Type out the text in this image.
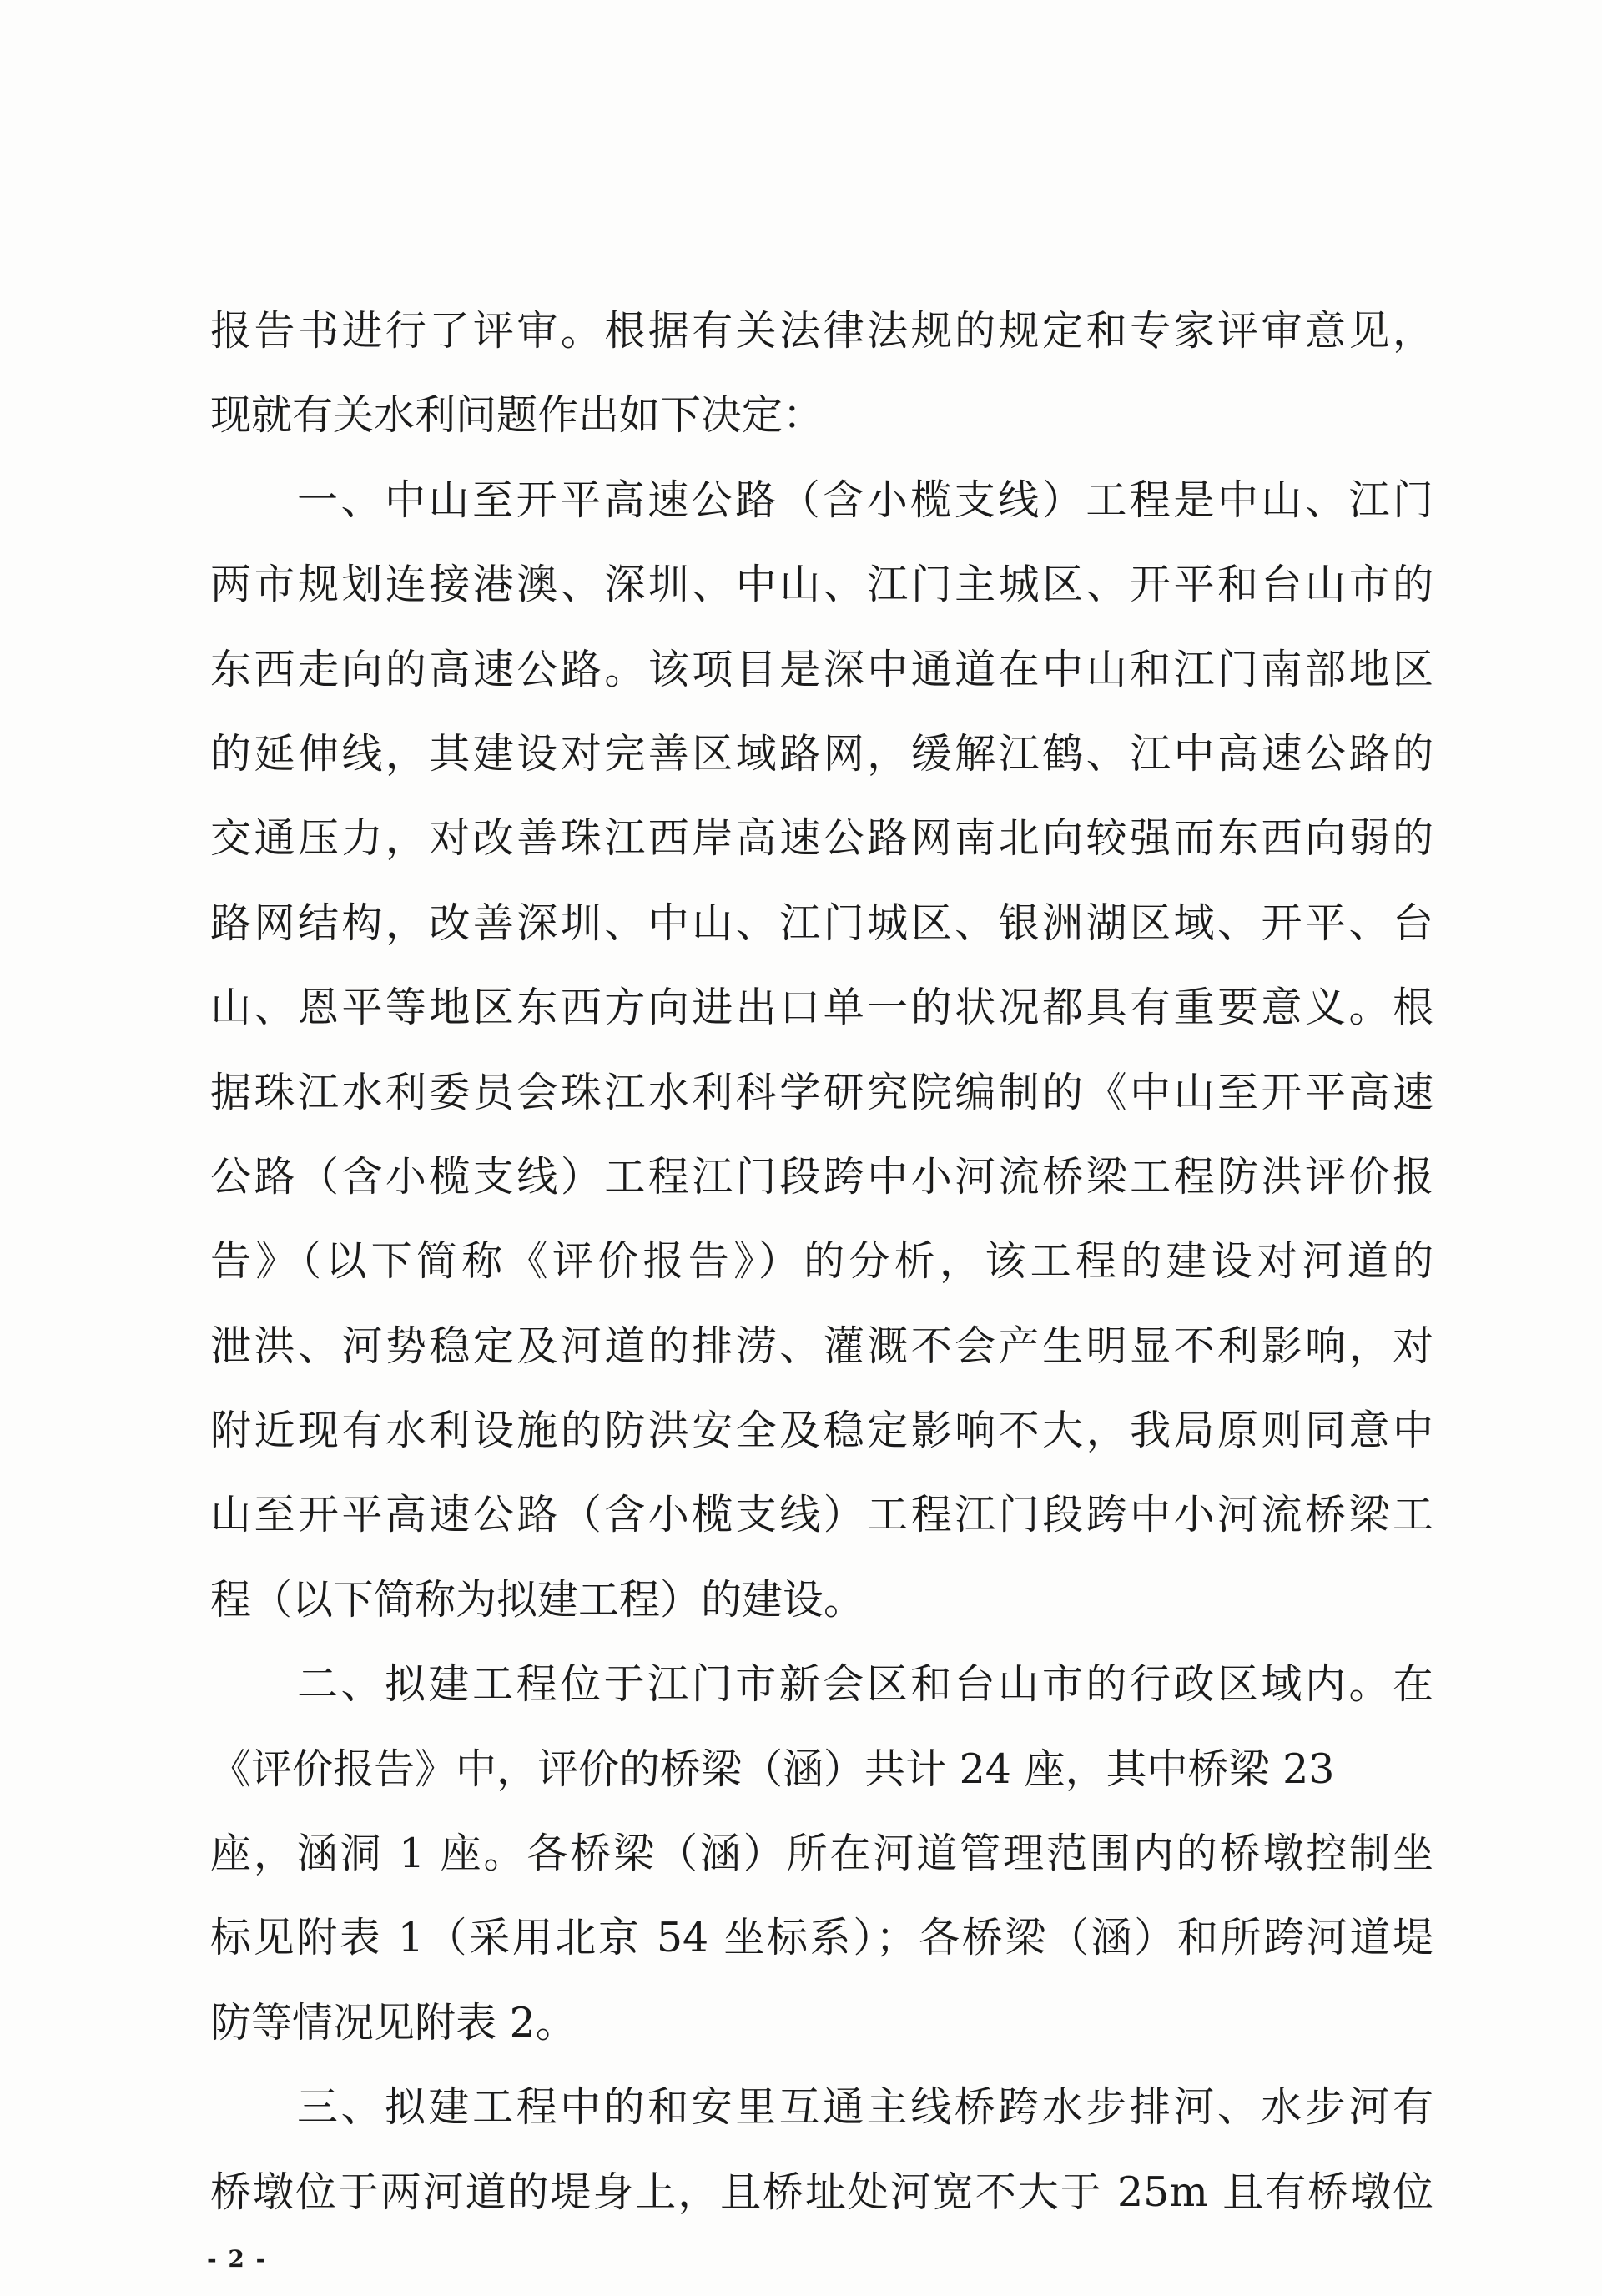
报告书进行了评审。根据有关法律法规的规定和专家评审意见，
现就有关水利问题作出如下决定：
一、中山至开平高速公路（含小榄支线）工程是中山、江门
两市规划连接港澳、深圳、中山、江门主城区、开平和台山市的
东西走向的高速公路。该项目是深中通道在中山和江门南部地区
的延伸线，其建设对完善区域路网，缓解江鹤、江中高速公路的
交通压力，对改善珠江西岸高速公路网南北向较强而东西向弱的
路网结构，改善深圳、中山、江门城区、银洲湖区域、开平、台
山、恩平等地区东西方向进出口单一的状况都具有重要意义。根
据珠江水利委员会珠江水利科学研究院编制的《中山至开平高速
公路（含小榄支线）工程江门段跨中小河流桥梁工程防洪评价报
告》（以下简称《评价报告》）的分析，该工程的建设对河道的
泄洪、河势稳定及河道的排涝、灌溉不会产生明显不利影响，对
附近现有水利设施的防洪安全及稳定影响不大，我局原则同意中
山至开平高速公路（含小榄支线）工程江门段跨中小河流桥梁工
程（以下简称为拟建工程）的建设。
二、拟建工程位于江门市新会区和台山市的行政区域内。在
《评价报告》中，评价的桥梁（涵）共计 24 座，其中桥梁 23
座，涵洞 1 座。各桥梁（涵）所在河道管理范围内的桥墩控制坐
标见附表 1（采用北京 54 坐标系）；各桥梁（涵）和所跨河道堤
防等情况见附表 2。
三、拟建工程中的和安里互通主线桥跨水步排河、水步河有
桥墩位于两河道的堤身上，且桥址处河宽不大于 25m 且有桥墩位
- 2 -
